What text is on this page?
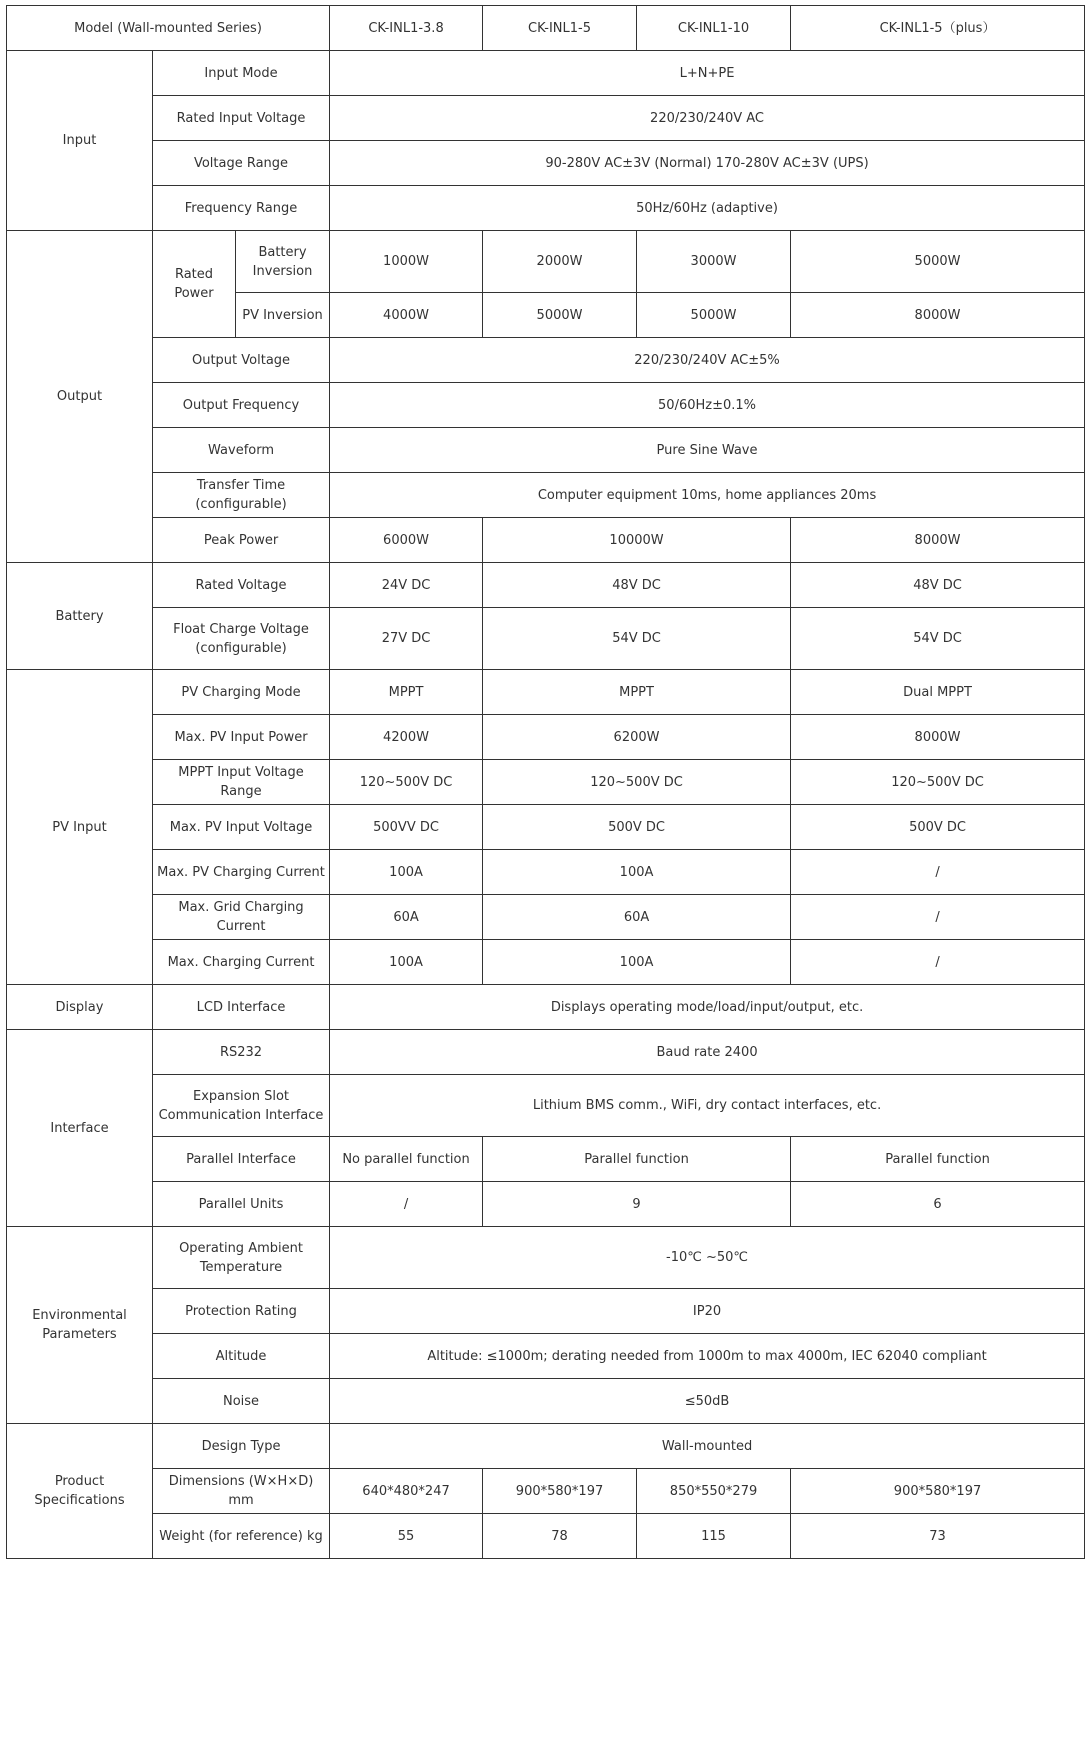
Model (Wall-mounted Series)			CK-INL1-3.8	CK-INL1-5	CK-INL1-10	CK-INL1-5（plus）
Input	Input Mode		L+N+PE			
	Rated Input Voltage		220/230/240V AC			
	Voltage Range		90-280V AC±3V (Normal) 170-280V AC±3V (UPS)			
	Frequency Range		50Hz/60Hz (adaptive)			
Output	Rated Power	Battery Inversion	1000W	2000W	3000W	5000W
		PV Inversion	4000W	5000W	5000W	8000W
	Output Voltage		220/230/240V AC±5%			
	Output Frequency		50/60Hz±0.1%			
	Waveform		Pure Sine Wave			
	Transfer Time (configurable)		Computer equipment 10ms, home appliances 20ms			
	Peak Power		6000W	10000W		8000W
Battery	Rated Voltage		24V DC	48V DC		48V DC
	Float Charge Voltage (configurable)		27V DC	54V DC		54V DC
PV Input	PV Charging Mode		MPPT	MPPT		Dual MPPT
	Max. PV Input Power		4200W	6200W		8000W
	MPPT Input Voltage Range		120~500V DC	120~500V DC		120~500V DC
	Max. PV Input Voltage		500VV DC	500V DC		500V DC
	Max. PV Charging Current		100A	100A		/
	Max. Grid Charging Current		60A	60A		/
	Max. Charging Current		100A	100A		/
Display	LCD Interface		Displays operating mode/load/input/output, etc.			
Interface	RS232		Baud rate 2400			
	Expansion Slot Communication Interface		Lithium BMS comm., WiFi, dry contact interfaces, etc.			
	Parallel Interface		No parallel function	Parallel function		Parallel function
	Parallel Units		/	9		6
Environmental Parameters	Operating Ambient Temperature		-10℃ ~50℃			
	Protection Rating		IP20			
	Altitude		Altitude: ≤1000m; derating needed from 1000m to max 4000m, IEC 62040 compliant			
	Noise		≤50dB			
Product Specifications	Design Type		Wall-mounted			
	Dimensions (W×H×D) mm		640*480*247	900*580*197	850*550*279	900*580*197
	Weight (for reference) kg		55	78	115	73
